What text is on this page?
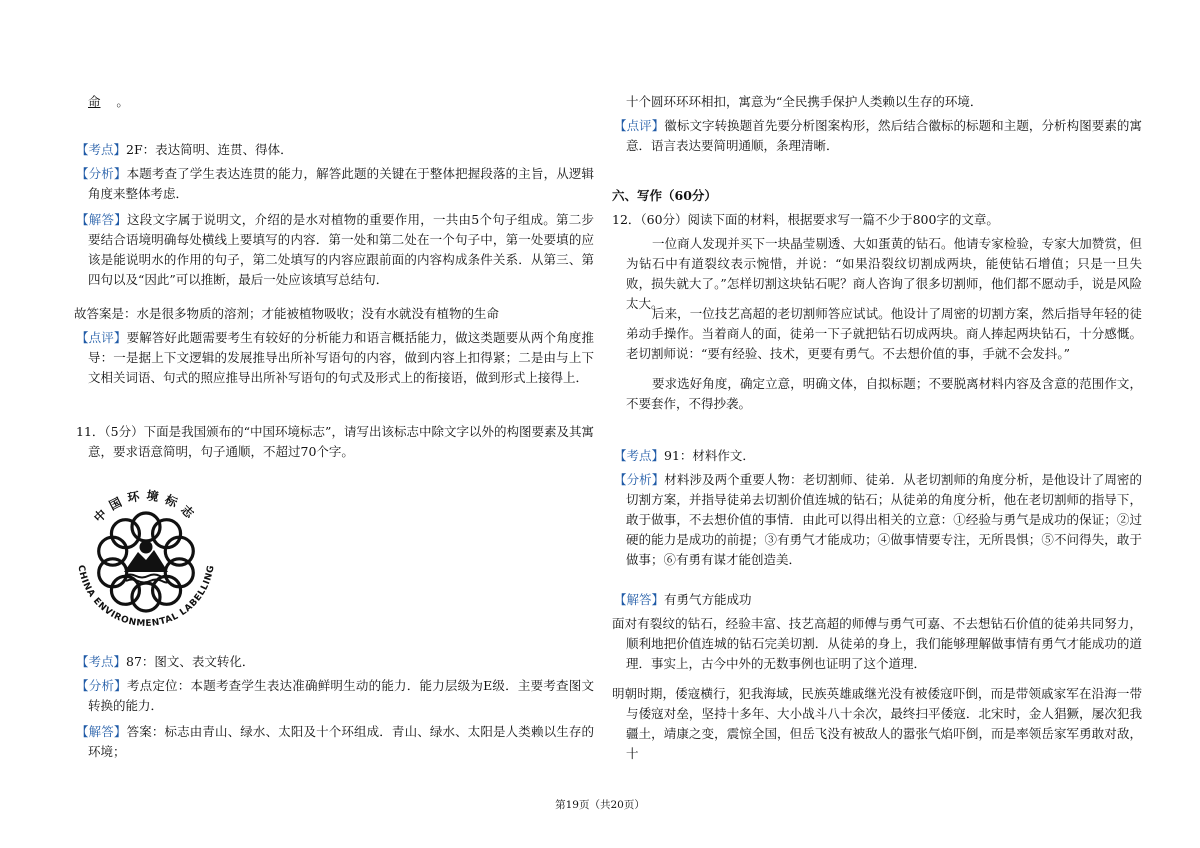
命 。

【考点】2F：表达简明、连贯、得体．

【分析】本题考查了学生表达连贯的能力，解答此题的关键在于整体把握段落的主旨，从逻辑角度来整体考虑．

【解答】这段文字属于说明文，介绍的是水对植物的重要作用，一共由5个句子组成。第二步要结合语境明确每处横线上要填写的内容．第一处和第二处在一个句子中，第一处要填的应该是能说明水的作用的句子，第二处填写的内容应跟前面的内容构成条件关系．从第三、第四句以及“因此”可以推断，最后一处应该填写总结句．

故答案是：水是很多物质的溶剂；才能被植物吸收；没有水就没有植物的生命

【点评】要解答好此题需要考生有较好的分析能力和语言概括能力，做这类题要从两个角度推导：一是据上下文逻辑的发展推导出所补写语句的内容，做到内容上扣得紧；二是由与上下文相关词语、句式的照应推导出所补写语句的句式及形式上的衔接语，做到形式上接得上．

11．（5分）下面是我国颁布的“中国环境标志”，请写出该标志中除文字以外的构图要素及其寓意，要求语意简明，句子通顺，不超过70个字。

【考点】87：图文、表文转化．

【分析】考点定位：本题考查学生表达准确鲜明生动的能力．能力层级为E级．主要考查图文转换的能力．

【解答】答案：标志由青山、绿水、太阳及十个环组成．青山、绿水、太阳是人类赖以生存的环境；

中国环境标志
CHINA ENVIRONMENTAL LABELLING

十个圆环环环相扣，寓意为“全民携手保护人类赖以生存的环境．

【点评】徽标文字转换题首先要分析图案构形，然后结合徽标的标题和主题，分析构图要素的寓意．语言表达要简明通顺，条理清晰．

六、写作（60分）

12．（60分）阅读下面的材料，根据要求写一篇不少于800字的文章。

一位商人发现并买下一块晶莹剔透、大如蛋黄的钻石。他请专家检验，专家大加赞赏，但为钻石中有道裂纹表示惋惜，并说：“如果沿裂纹切割成两块，能使钻石增值；只是一旦失败，损失就大了。”怎样切割这块钻石呢？商人咨询了很多切割师，他们都不愿动手，说是风险太大。

后来，一位技艺高超的老切割师答应试试。他设计了周密的切割方案，然后指导年轻的徒弟动手操作。当着商人的面，徒弟一下子就把钻石切成两块。商人捧起两块钻石，十分感慨。老切割师说：“要有经验、技术，更要有勇气。不去想价值的事，手就不会发抖。”

要求选好角度，确定立意，明确文体，自拟标题；不要脱离材料内容及含意的范围作文，不要套作，不得抄袭。

【考点】91：材料作文．

【分析】材料涉及两个重要人物：老切割师、徒弟．从老切割师的角度分析，是他设计了周密的切割方案，并指导徒弟去切割价值连城的钻石；从徒弟的角度分析，他在老切割师的指导下，敢于做事，不去想价值的事情．由此可以得出相关的立意：①经验与勇气是成功的保证；②过硬的能力是成功的前提；③有勇气才能成功；④做事情要专注，无所畏惧；⑤不问得失，敢于做事；⑥有勇有谋才能创造美．

【解答】有勇气方能成功

面对有裂纹的钻石，经验丰富、技艺高超的师傅与勇气可嘉、不去想钻石价值的徒弟共同努力，顺利地把价值连城的钻石完美切割．从徒弟的身上，我们能够理解做事情有勇气才能成功的道理．事实上，古今中外的无数事例也证明了这个道理．

明朝时期，倭寇横行，犯我海域，民族英雄戚继光没有被倭寇吓倒，而是带领戚家军在沿海一带与倭寇对垒，坚持十多年、大小战斗八十余次，最终扫平倭寇．北宋时，金人猖獗，屡次犯我疆土，靖康之变，震惊全国，但岳飞没有被敌人的嚣张气焰吓倒，而是率领岳家军勇敢对敌，十

第19页（共20页）
